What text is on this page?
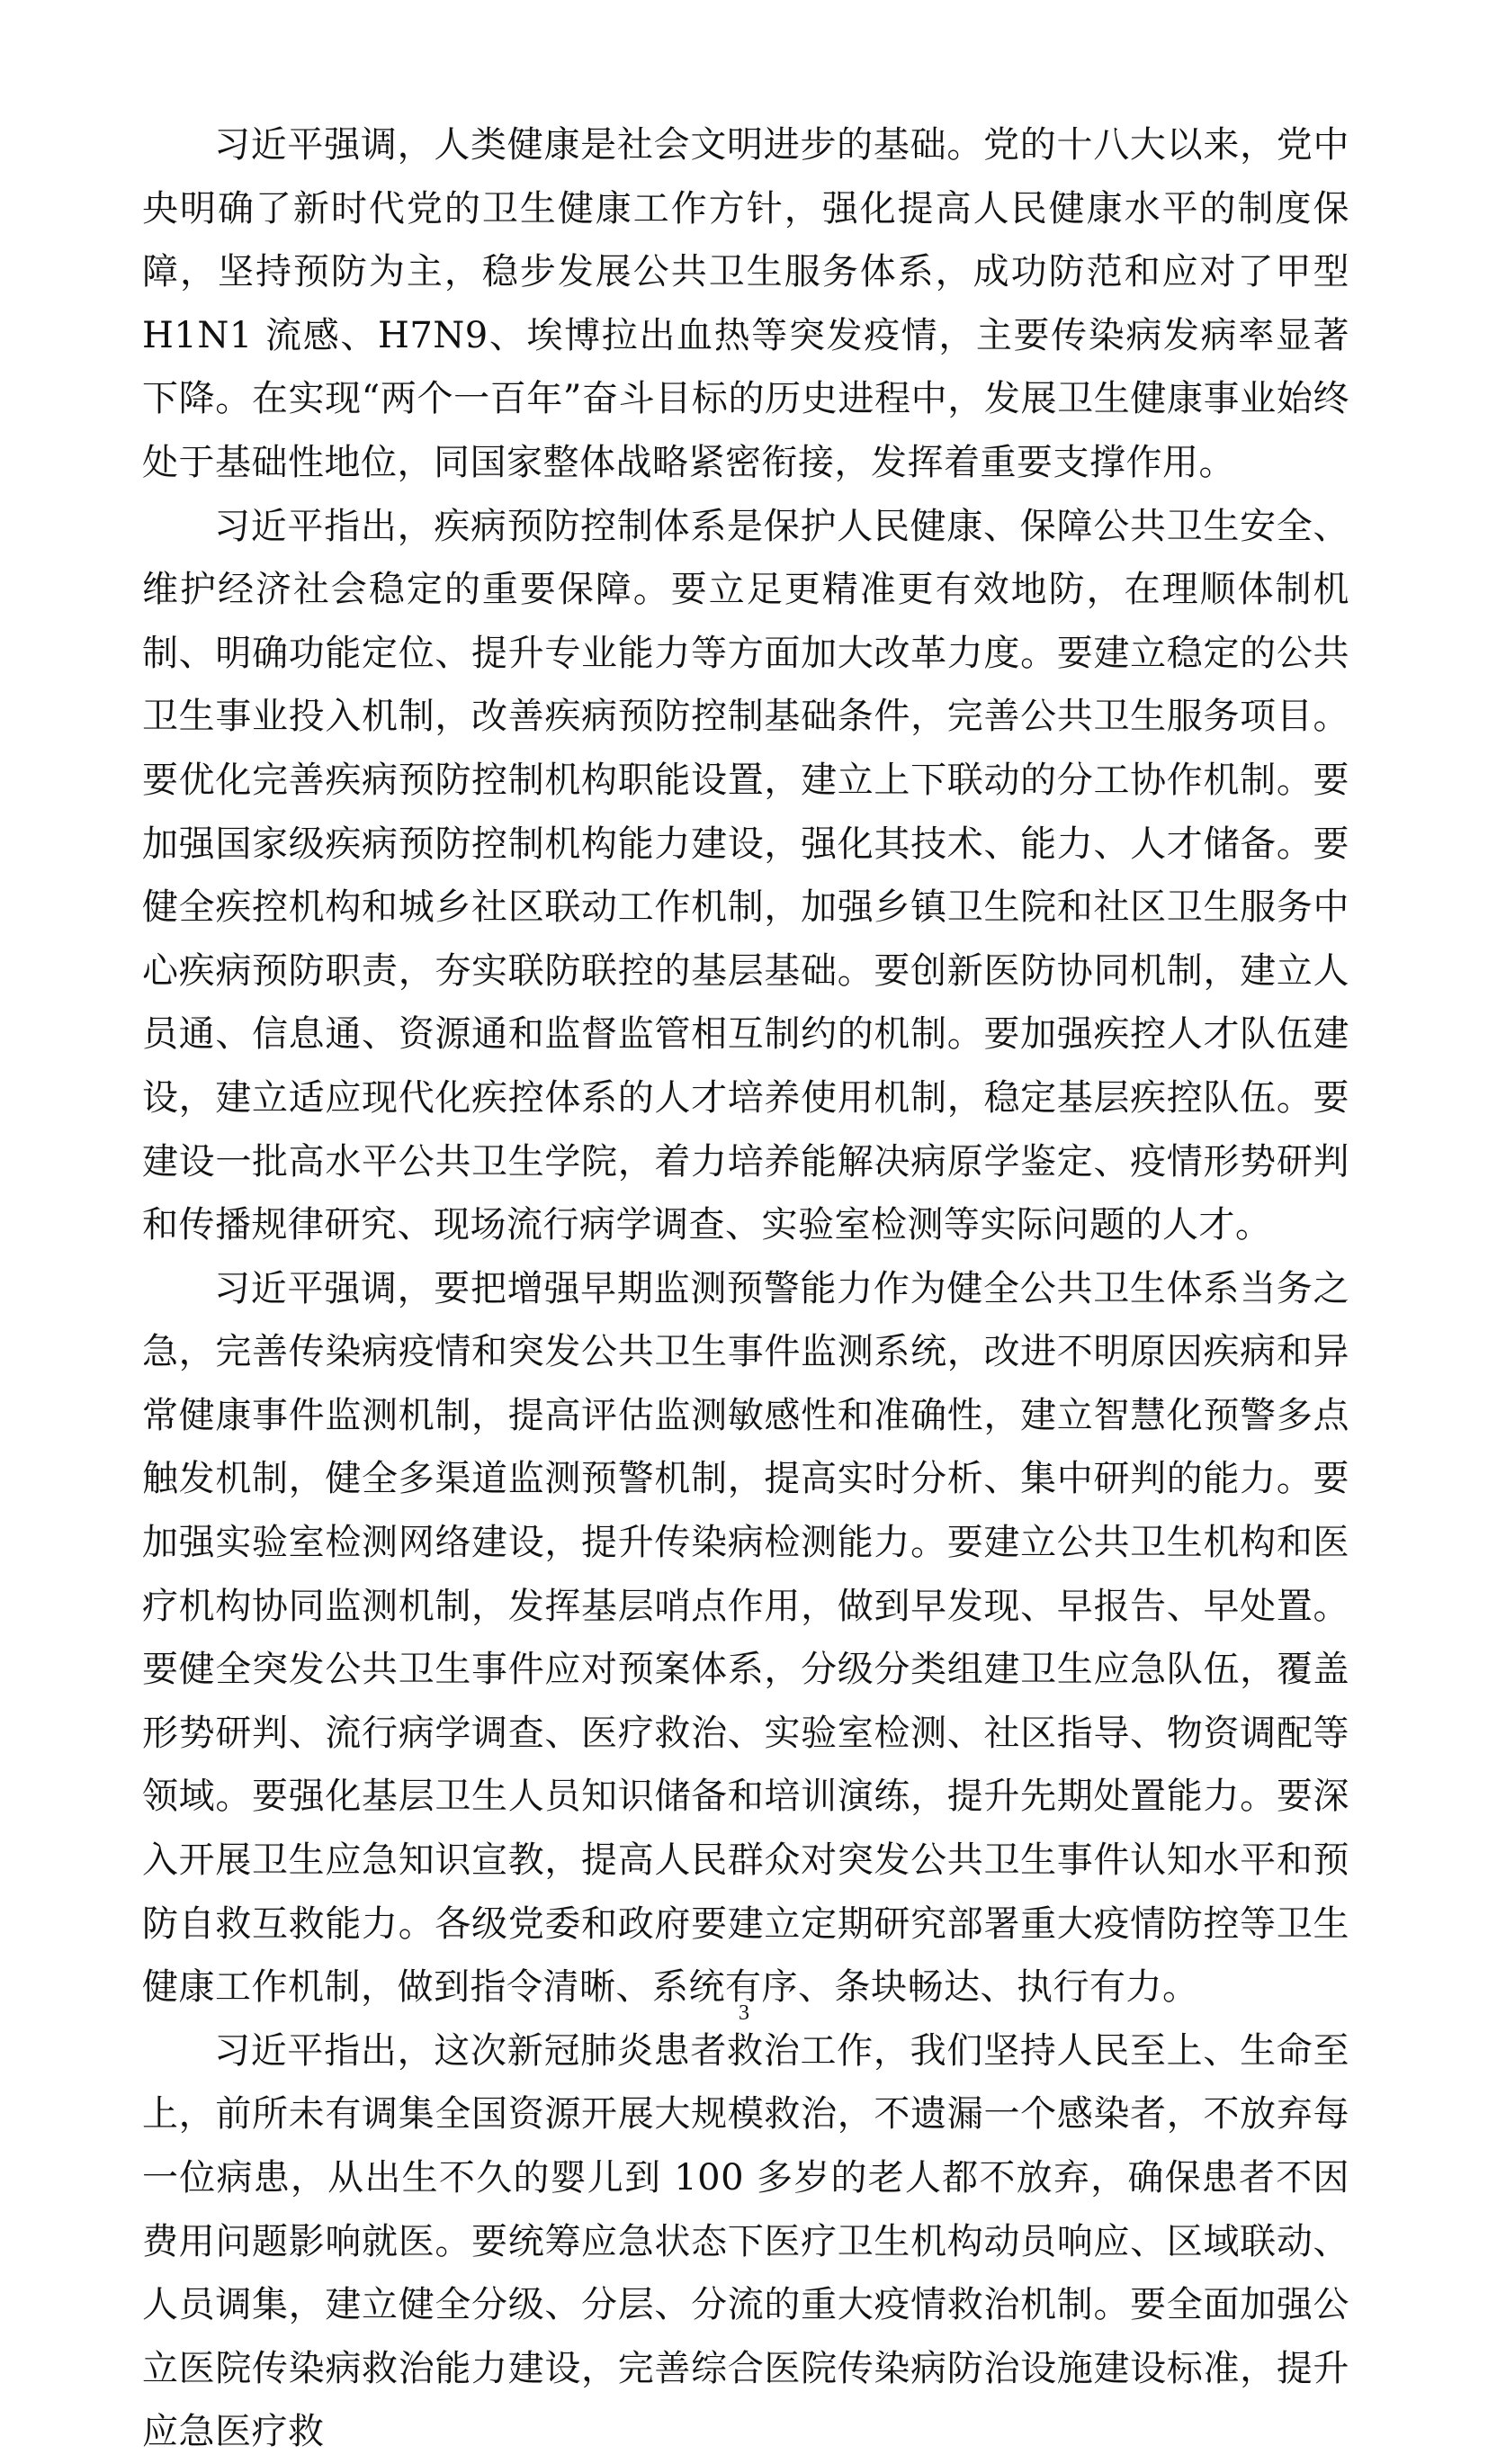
习近平强调，人类健康是社会文明进步的基础。党的十八大以来，党中央明确了新时代党的卫生健康工作方针，强化提高人民健康水平的制度保障，坚持预防为主，稳步发展公共卫生服务体系，成功防范和应对了甲型 H1N1 流感、H7N9、埃博拉出血热等突发疫情，主要传染病发病率显著下降。在实现“两个一百年”奋斗目标的历史进程中，发展卫生健康事业始终处于基础性地位，同国家整体战略紧密衔接，发挥着重要支撑作用。

习近平指出，疾病预防控制体系是保护人民健康、保障公共卫生安全、维护经济社会稳定的重要保障。要立足更精准更有效地防，在理顺体制机制、明确功能定位、提升专业能力等方面加大改革力度。要建立稳定的公共卫生事业投入机制，改善疾病预防控制基础条件，完善公共卫生服务项目。要优化完善疾病预防控制机构职能设置，建立上下联动的分工协作机制。要加强国家级疾病预防控制机构能力建设，强化其技术、能力、人才储备。要健全疾控机构和城乡社区联动工作机制，加强乡镇卫生院和社区卫生服务中心疾病预防职责，夯实联防联控的基层基础。要创新医防协同机制，建立人员通、信息通、资源通和监督监管相互制约的机制。要加强疾控人才队伍建设，建立适应现代化疾控体系的人才培养使用机制，稳定基层疾控队伍。要建设一批高水平公共卫生学院，着力培养能解决病原学鉴定、疫情形势研判和传播规律研究、现场流行病学调查、实验室检测等实际问题的人才。

习近平强调，要把增强早期监测预警能力作为健全公共卫生体系当务之急，完善传染病疫情和突发公共卫生事件监测系统，改进不明原因疾病和异常健康事件监测机制，提高评估监测敏感性和准确性，建立智慧化预警多点触发机制，健全多渠道监测预警机制，提高实时分析、集中研判的能力。要加强实验室检测网络建设，提升传染病检测能力。要建立公共卫生机构和医疗机构协同监测机制，发挥基层哨点作用，做到早发现、早报告、早处置。要健全突发公共卫生事件应对预案体系，分级分类组建卫生应急队伍，覆盖形势研判、流行病学调查、医疗救治、实验室检测、社区指导、物资调配等领域。要强化基层卫生人员知识储备和培训演练，提升先期处置能力。要深入开展卫生应急知识宣教，提高人民群众对突发公共卫生事件认知水平和预防自救互救能力。各级党委和政府要建立定期研究部署重大疫情防控等卫生健康工作机制，做到指令清晰、系统有序、条块畅达、执行有力。

习近平指出，这次新冠肺炎患者救治工作，我们坚持人民至上、生命至上，前所未有调集全国资源开展大规模救治，不遗漏一个感染者，不放弃每一位病患，从出生不久的婴儿到 100 多岁的老人都不放弃，确保患者不因费用问题影响就医。要统筹应急状态下医疗卫生机构动员响应、区域联动、人员调集，建立健全分级、分层、分流的重大疫情救治机制。要全面加强公立医院传染病救治能力建设，完善综合医院传染病防治设施建设标准，提升应急医疗救

3
